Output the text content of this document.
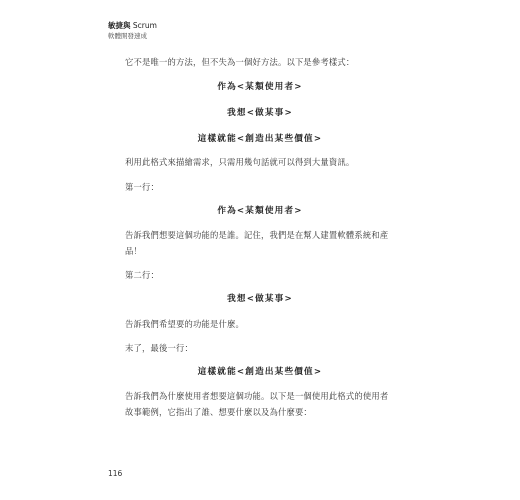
敏捷與 Scrum
軟體開發速成
它不是唯一的方法，但不失為一個好方法。以下是參考樣式：
作為<某類使用者>
我想<做某事>
這樣就能<創造出某些價值>
利用此格式來描繪需求，只需用幾句話就可以得到大量資訊。
第一行：
作為<某類使用者>
告訴我們想要這個功能的是誰。記住，我們是在幫人建置軟體系統和產
品！
第二行：
我想<做某事>
告訴我們希望要的功能是什麼。
末了，最後一行：
這樣就能<創造出某些價值>
告訴我們為什麼使用者想要這個功能。以下是一個使用此格式的使用者
故事範例，它指出了誰、想要什麼以及為什麼要：
116
